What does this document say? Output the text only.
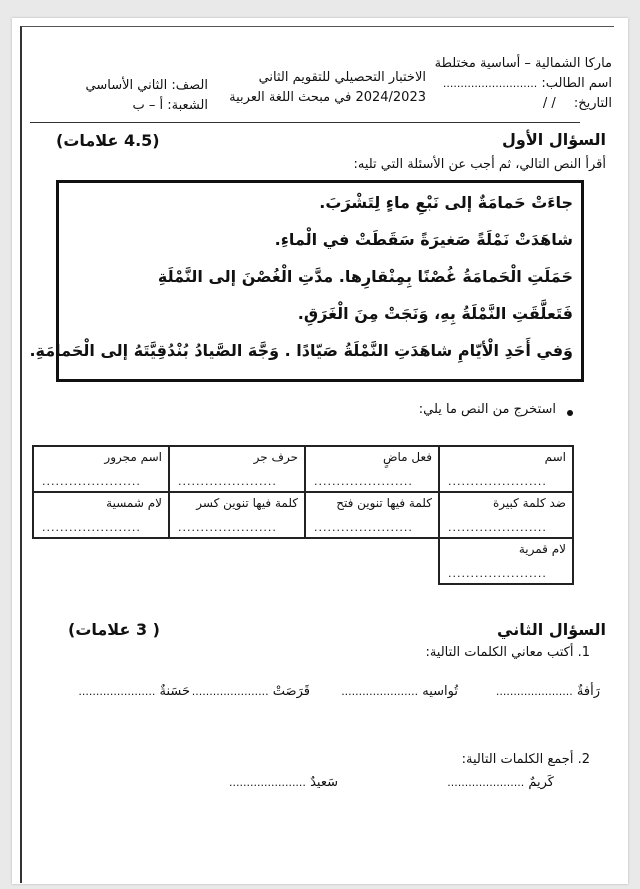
ماركا الشمالية – أساسية مختلطة
اسم الطالب: ...........................
التاريخ: / /
الاختبار التحصيلي للتقويم الثاني
2024/2023 في مبحث اللغة العربية
الصف: الثاني الأساسي
الشعبة: أ – ب
السؤال الأول
(4.5 علامات)
أقرأ النص التالي، ثم أجب عن الأسئلة التي تليه:
جاءَتْ حَمامَةٌ إلى نَبْعِ ماءٍ لِتَشْرَبَ.
شاهَدَتْ نَمْلَةً صَغيرَةً سَقَطَتْ في الْماءِ.
حَمَلَتِ الْحَمامَةُ غُصْنًا بِمِنْقارِها. مدَّتِ الْغُصْنَ إلى النَّمْلَةِ
فَتَعلَّقَتِ النَّمْلَةُ بِهِ، وَنَجَتْ مِنَ الْغَرَقِ.
وَفي أَحَدِ الْأيّامِ شاهَدَتِ النَّمْلَةُ صَيّادًا . وَجَّهَ الصَّيادُ بُنْدُقِيَّتَهُ إلى الْحَمامَةِ.
استخرج من النص ما يلي:
اسم
......................
فعل ماضٍ
......................
حرف جر
......................
اسم مجرور
......................
ضد كلمة كبيرة
......................
كلمة فيها تنوين فتح
......................
كلمة فيها تنوين كسر
......................
لام شمسية
......................
لام قمرية
......................
السؤال الثاني
( 3 علامات)
1. أكتب معاني الكلمات التالية:
رَأفةٌ ......................
تُواسيه ......................
قَرَصَتْ ......................
حَسَنةٌ ......................
2. أجمع الكلمات التالية:
كَريمٌ ......................
سَعيدٌ ......................
